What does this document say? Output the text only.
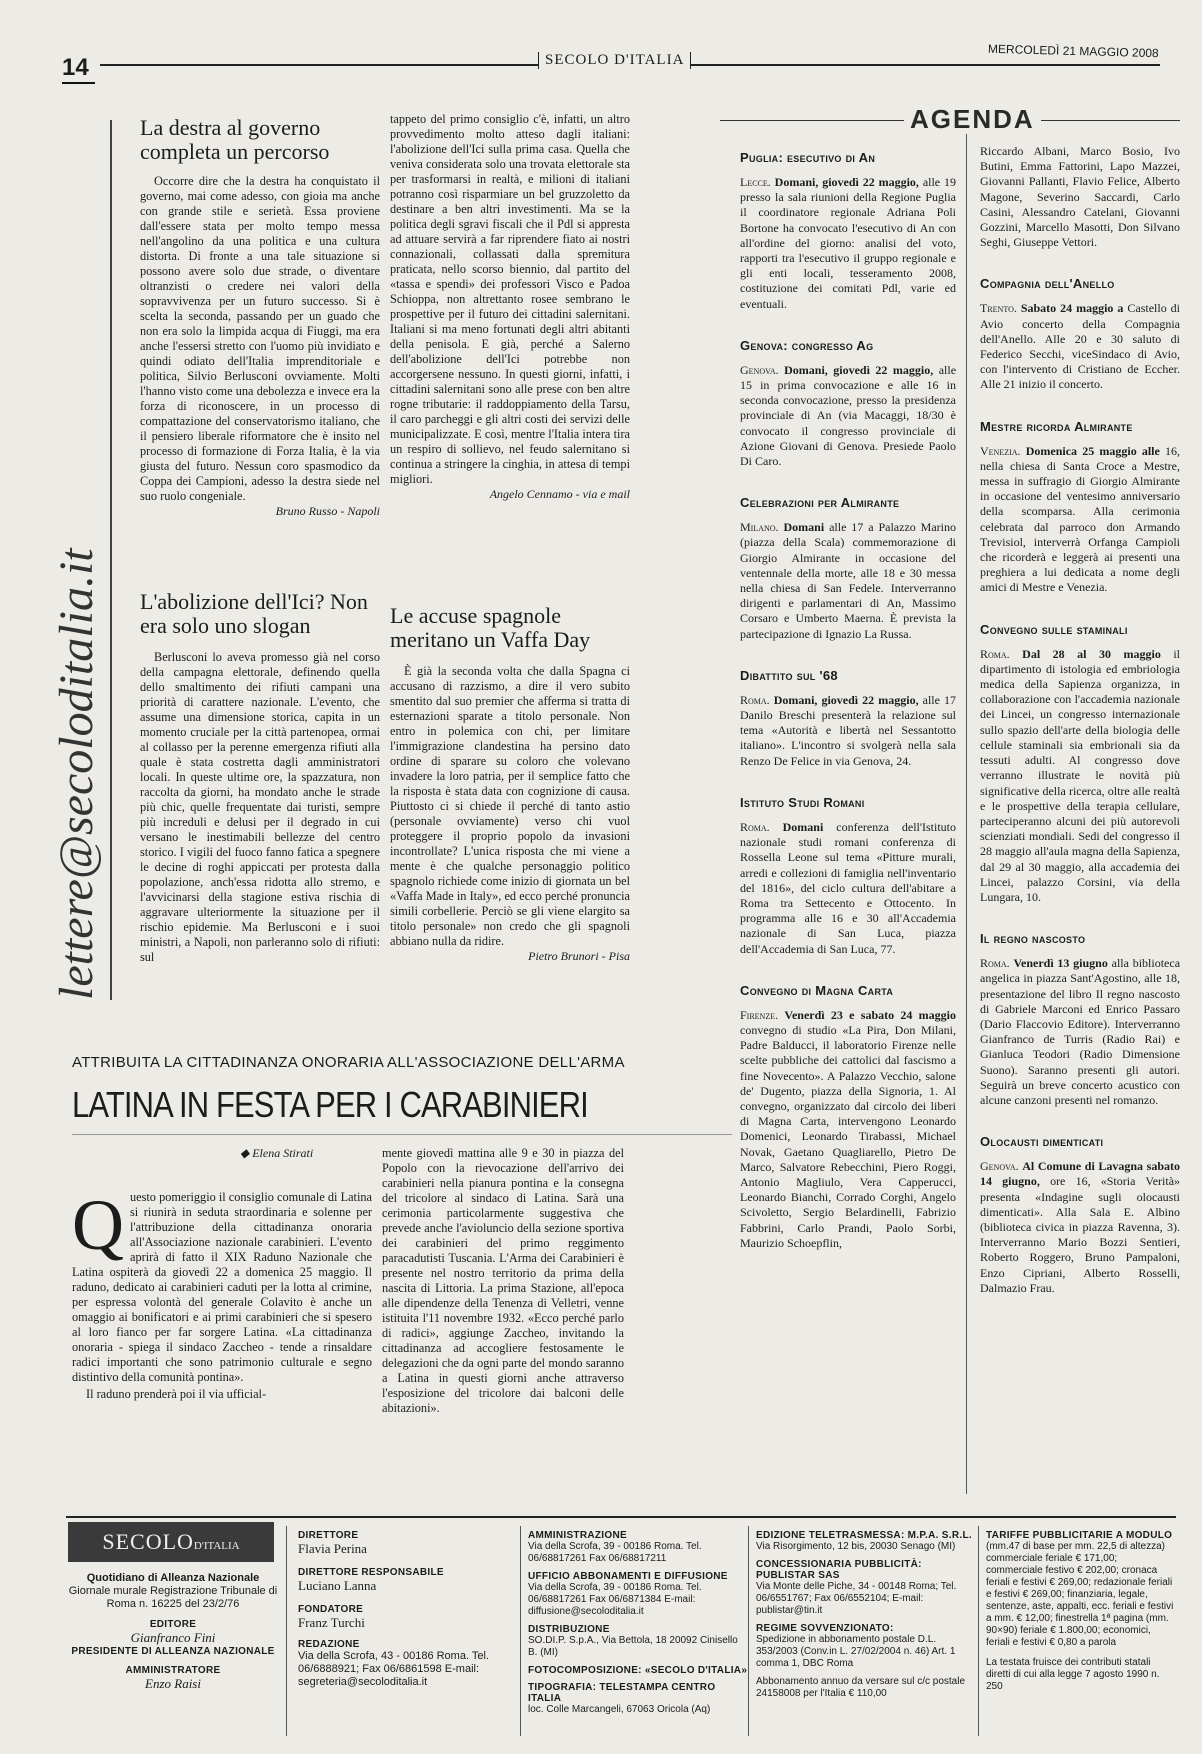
14	SECOLO D'ITALIA	MERCOLEDÌ 21 MAGGIO 2008
lettere@secoloditalia.it
La destra al governo completa un percorso

Occorre dire che la destra ha conquistato il governo, mai come adesso, con gioia ma anche con grande stile e serietà. Essa proviene dall'essere stata per molto tempo messa nell'angolino da una politica e una cultura distorta. Di fronte a una tale situazione si possono avere solo due strade, o diventare oltranzisti o credere nei valori della sopravvivenza per un futuro successo. Si è scelta la seconda, passando per un guado che non era solo la limpida acqua di Fiuggi, ma era anche l'essersi stretto con l'uomo più invidiato e quindi odiato dell'Italia imprenditoriale e politica, Silvio Berlusconi ovviamente. Molti l'hanno visto come una debolezza e invece era la forza di riconoscere, in un processo di compattazione del conservatorismo italiano, che il pensiero liberale riformatore che è insito nel processo di formazione di Forza Italia, è la via giusta del futuro. Nessun coro spasmodico da Coppa dei Campioni, adesso la destra siede nel suo ruolo congeniale.

Bruno Russo - Napoli

tappeto del primo consiglio c'è, infatti, un altro provvedimento molto atteso dagli italiani: l'abolizione dell'Ici sulla prima casa. Quella che veniva considerata solo una trovata elettorale sta per trasformarsi in realtà, e milioni di italiani potranno così risparmiare un bel gruzzoletto da destinare a ben altri investimenti. Ma se la politica degli sgravi fiscali che il Pdl si appresta ad attuare servirà a far riprendere fiato ai nostri connazionali, collassati dalla spremitura praticata, nello scorso biennio, dal partito del «tassa e spendi» dei professori Visco e Padoa Schioppa, non altrettanto rosee sembrano le prospettive per il futuro dei cittadini salernitani. Italiani si ma meno fortunati degli altri abitanti della penisola. E già, perché a Salerno dell'abolizione dell'Ici potrebbe non accorgersene nessuno. In questi giorni, infatti, i cittadini salernitani sono alle prese con ben altre rogne tributarie: il raddoppiamento della Tarsu, il caro parcheggi e gli altri costi dei servizi delle municipalizzate. E così, mentre l'Italia intera tira un respiro di sollievo, nel feudo salernitano si continua a stringere la cinghia, in attesa di tempi migliori.

Angelo Cennamo - via e mail
L'abolizione dell'Ici? Non era solo uno slogan

Berlusconi lo aveva promesso già nel corso della campagna elettorale, definendo quella dello smaltimento dei rifiuti campani una priorità di carattere nazionale. L'evento, che assume una dimensione storica, capita in un momento cruciale per la città partenopea, ormai al collasso per la perenne emergenza rifiuti alla quale è stata costretta dagli amministratori locali. In queste ultime ore, la spazzatura, non raccolta da giorni, ha mondato anche le strade più chic, quelle frequentate dai turisti, sempre più increduli e delusi per il degrado in cui versano le inestimabili bellezze del centro storico. I vigili del fuoco fanno fatica a spegnere le decine di roghi appiccati per protesta dalla popolazione, anch'essa ridotta allo stremo, e l'avvicinarsi della stagione estiva rischia di aggravare ulteriormente la situazione per il rischio epidemie. Ma Berlusconi e i suoi ministri, a Napoli, non parleranno solo di rifiuti: sul

Le accuse spagnole meritano un Vaffa Day

È già la seconda volta che dalla Spagna ci accusano di razzismo, a dire il vero subito smentito dal suo premier che afferma si tratta di esternazioni sparate a titolo personale. Non entro in polemica con chi, per limitare l'immigrazione clandestina ha persino dato ordine di sparare su coloro che volevano invadere la loro patria, per il semplice fatto che la risposta è stata data con cognizione di causa. Piuttosto ci si chiede il perché di tanto astio (personale ovviamente) verso chi vuol proteggere il proprio popolo da invasioni incontrollate? L'unica risposta che mi viene a mente è che qualche personaggio politico spagnolo richiede come inizio di giornata un bel «Vaffa Made in Italy», ed ecco perché pronuncia simili corbellerie. Perciò se gli viene elargito sa titolo personale» non credo che gli spagnoli abbiano nulla da ridire.

Pietro Brunori - Pisa
ATTRIBUITA LA CITTADINANZA ONORARIA ALL'ASSOCIAZIONE DELL'ARMA
LATINA IN FESTA PER I CARABINIERI
◆ Elena Stirati
Q uesto pomeriggio il consiglio comunale di Latina si riunirà in seduta straordinaria e solenne per l'attribuzione della cittadinanza onoraria all'Associazione nazionale carabinieri. L'evento aprirà di fatto il XIX Raduno Nazionale che Latina ospiterà da giovedì 22 a domenica 25 maggio. Il raduno, dedicato ai carabinieri caduti per la lotta al crimine, per espressa volontà del generale Colavito è anche un omaggio ai bonificatori e ai primi carabinieri che si spesero al loro fianco per far sorgere Latina. «La cittadinanza onoraria - spiega il sindaco Zaccheo - tende a rinsaldare radici importanti che sono patrimonio culturale e segno distintivo della comunità pontina».

Il raduno prenderà poi il via ufficial-

mente giovedì mattina alle 9 e 30 in piazza del Popolo con la rievocazione dell'arrivo dei carabinieri nella pianura pontina e la consegna del tricolore al sindaco di Latina. Sarà una cerimonia particolarmente suggestiva che prevede anche l'avioluncio della sezione sportiva dei carabinieri del primo reggimento paracadutisti Tuscania. L'Arma dei Carabinieri è presente nel nostro territorio da prima della nascita di Littoria. La prima Stazione, all'epoca alle dipendenze della Tenenza di Velletri, venne istituita l'11 novembre 1932. «Ecco perché parlo di radici», aggiunge Zaccheo, invitando la cittadinanza ad accogliere festosamente le delegazioni che da ogni parte del mondo saranno a Latina in questi giorni anche attraverso l'esposizione del tricolore dai balconi delle abitazioni».
AGENDA
Puglia: esecutivo di An
Lecce. Domani, giovedì 22 maggio, alle 19 presso la sala riunioni della Regione Puglia il coordinatore regionale Adriana Poli Bortone ha convocato l'esecutivo di An con all'ordine del giorno: analisi del voto, rapporti tra l'esecutivo il gruppo regionale e gli enti locali, tesseramento 2008, costituzione dei comitati Pdl, varie ed eventuali.
Genova: congresso Ag
Genova. Domani, giovedì 22 maggio, alle 15 in prima convocazione e alle 16 in seconda convocazione, presso la presidenza provinciale di An (via Macaggi, 18/30 è convocato il congresso provinciale di Azione Giovani di Genova. Presiede Paolo Di Caro.
Celebrazioni per Almirante
Milano. Domani alle 17 a Palazzo Marino (piazza della Scala) commemorazione di Giorgio Almirante in occasione del ventennale della morte, alle 18 e 30 messa nella chiesa di San Fedele. Interverranno dirigenti e parlamentari di An, Massimo Corsaro e Umberto Maerna. È prevista la partecipazione di Ignazio La Russa.
Dibattito sul '68
Roma. Domani, giovedì 22 maggio, alle 17 Danilo Breschi presenterà la relazione sul tema «Autorità e libertà nel Sessantotto italiano». L'incontro si svolgerà nella sala Renzo De Felice in via Genova, 24.
Istituto Studi Romani
Roma. Domani conferenza dell'Istituto nazionale studi romani conferenza di Rossella Leone sul tema «Pitture murali, arredi e collezioni di famiglia nell'inventario del 1816», del ciclo cultura dell'abitare a Roma tra Settecento e Ottocento. In programma alle 16 e 30 all'Accademia nazionale di San Luca, piazza dell'Accademia di San Luca, 77.
Convegno di Magna Carta
Firenze. Venerdì 23 e sabato 24 maggio convegno di studio «La Pira, Don Milani, Padre Balducci, il laboratorio Firenze nelle scelte pubbliche dei cattolici dal fascismo a fine Novecento». A Palazzo Vecchio, salone de' Dugento, piazza della Signoria, 1. Al convegno, organizzato dal circolo dei liberi di Magna Carta, intervengono Leonardo Domenici, Leonardo Tirabassi, Michael Novak, Gaetano Quagliarello, Pietro De Marco, Salvatore Rebecchini, Piero Roggi, Antonio Magliulo, Vera Capperucci, Leonardo Bianchi, Corrado Corghi, Angelo Scivoletto, Sergio Belardinelli, Fabrizio Fabbrini, Carlo Prandi, Paolo Sorbi, Maurizio Schoepflin,
Riccardo Albani, Marco Bosio, Ivo Butini, Emma Fattorini, Lapo Mazzei, Giovanni Pallanti, Flavio Felice, Alberto Magone, Severino Saccardi, Carlo Casini, Alessandro Catelani, Giovanni Gozzini, Marcello Masotti, Don Silvano Seghi, Giuseppe Vettori.
Compagnia dell'Anello
Trento. Sabato 24 maggio a Castello di Avio concerto della Compagnia dell'Anello. Alle 20 e 30 saluto di Federico Secchi, viceSindaco di Avio, con l'intervento di Cristiano de Eccher. Alle 21 inizio il concerto.
Mestre ricorda Almirante
Venezia. Domenica 25 maggio alle 16, nella chiesa di Santa Croce a Mestre, messa in suffragio di Giorgio Almirante in occasione del ventesimo anniversario della scomparsa. Alla cerimonia celebrata dal parroco don Armando Trevisiol, interverrà Orfanga Campioli che ricorderà e leggerà ai presenti una preghiera a lui dedicata a nome degli amici di Mestre e Venezia.
Convegno sulle staminali
Roma. Dal 28 al 30 maggio il dipartimento di istologia ed embriologia medica della Sapienza organizza, in collaborazione con l'accademia nazionale dei Lincei, un congresso internazionale sullo spazio dell'arte della biologia delle cellule staminali sia embrionali sia da tessuti adulti. Al congresso dove verranno illustrate le novità più significative della ricerca, oltre alle realtà e le prospettive della terapia cellulare, parteciperanno alcuni dei più autorevoli scienziati mondiali. Sedi del congresso il 28 maggio all'aula magna della Sapienza, dal 29 al 30 maggio, alla accademia dei Lincei, palazzo Corsini, via della Lungara, 10.
Il regno nascosto
Roma. Venerdì 13 giugno alla biblioteca angelica in piazza Sant'Agostino, alle 18, presentazione del libro Il regno nascosto di Gabriele Marconi ed Enrico Passaro (Dario Flaccovio Editore). Interverranno Gianfranco de Turris (Radio Rai) e Gianluca Teodori (Radio Dimensione Suono). Saranno presenti gli autori. Seguirà un breve concerto acustico con alcune canzoni presenti nel romanzo.
Olocausti dimenticati
Genova. Al Comune di Lavagna sabato 14 giugno, ore 16, «Storia Verità» presenta «Indagine sugli olocausti dimenticati». Alla Sala E. Albino (biblioteca civica in piazza Ravenna, 3). Interverranno Mario Bozzi Sentieri, Roberto Roggero, Bruno Pampaloni, Enzo Cipriani, Alberto Rosselli, Dalmazio Frau.
SECOLOD'ITALIA
Quotidiano di Alleanza Nazionale
Giornale murale Registrazione Tribunale di Roma n. 16225 del 23/2/76
EDITORE
Gianfranco Fini
PRESIDENTE DI ALLEANZA NAZIONALE
AMMINISTRATORE
Enzo Raisi
DIRETTORE
Flavia Perina
DIRETTORE RESPONSABILE
Luciano Lanna
FONDATORE
Franz Turchi
REDAZIONE
Via della Scrofa, 43 - 00186 Roma. Tel. 06/6888921; Fax 06/6861598 E-mail: segreteria@secoloditalia.it
AMMINISTRAZIONE
Via della Scrofa, 39 - 00186 Roma. Tel. 06/68817261 Fax 06/68817211
UFFICIO ABBONAMENTI E DIFFUSIONE
Via della Scrofa, 39 - 00186 Roma. Tel. 06/68817261 Fax 06/6871384 E-mail: diffusione@secoloditalia.it
DISTRIBUZIONE
SO.DI.P. S.p.A., Via Bettola, 18 20092 Cinisello B. (MI)
FOTOCOMPOSIZIONE: «SECOLO D'ITALIA»
TIPOGRAFIA: TELESTAMPA CENTRO ITALIA
loc. Colle Marcangeli, 67063 Oricola (Aq)
EDIZIONE TELETRASMESSA: M.P.A. S.R.L.
Via Risorgimento, 12 bis, 20030 Senago (MI)
CONCESSIONARIA PUBBLICITÀ: PUBLISTAR SAS
Via Monte delle Piche, 34 - 00148 Roma; Tel. 06/6551767; Fax 06/6552104; E-mail: publistar@tin.it
REGIME SOVVENZIONATO:
Spedizione in abbonamento postale D.L. 353/2003 (Conv.in L. 27/02/2004 n. 46) Art. 1 comma 1, DBC Roma
Abbonamento annuo da versare sul c/c postale 24158008 per l'Italia € 110,00
TARIFFE PUBBLICITARIE A MODULO
(mm.47 di base per mm. 22,5 di altezza) commerciale feriale € 171,00; commerciale festivo € 202,00; cronaca feriali e festivi € 269,00; redazionale feriali e festivi € 269,00; finanziaria, legale, sentenze, aste, appalti, ecc. feriali e festivi a mm. € 12,00; finestrella 1ª pagina (mm. 90×90) feriale € 1.800,00; economici, feriali e festivi € 0,80 a parola
La testata fruisce dei contributi statali diretti di cui alla legge 7 agosto 1990 n. 250
